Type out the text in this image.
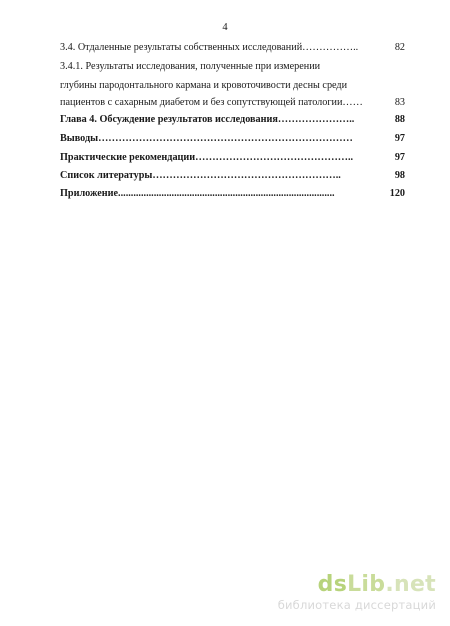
4
3.4. Отдаленные результаты собственных исследований……………..	82
3.4.1. Результаты исследования, полученные при измерении
глубины пародонтального кармана и кровоточивости десны среди
пациентов с сахарным диабетом и без сопутствующей патологии……	83
Глава 4. Обсуждение результатов исследования…………………..	88
Выводы…………………………………………………………………	97
Практические рекомендации………………………………………..	97
Список литературы………………………………………………..	98
Приложение.....................................................................................	120
dsLib.net
библиотека диссертаций
